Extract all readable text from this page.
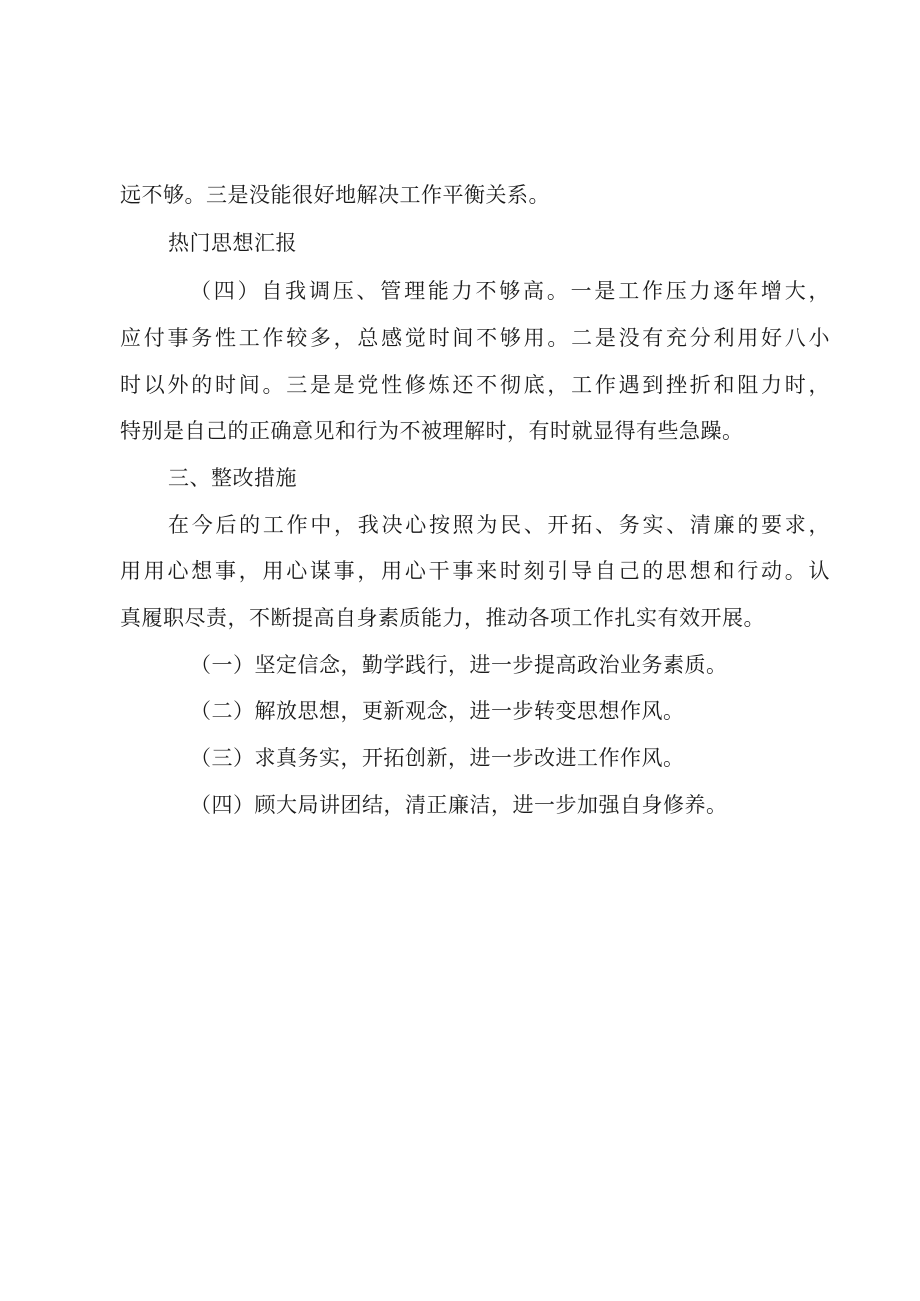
远不够。三是没能很好地解决工作平衡关系。
热门思想汇报
（四）自我调压、管理能力不够高。一是工作压力逐年增大，
应付事务性工作较多，总感觉时间不够用。二是没有充分利用好八小
时以外的时间。三是是党性修炼还不彻底，工作遇到挫折和阻力时，
特别是自己的正确意见和行为不被理解时，有时就显得有些急躁。
三、整改措施
在今后的工作中，我决心按照为民、开拓、务实、清廉的要求，
用用心想事，用心谋事，用心干事来时刻引导自己的思想和行动。认
真履职尽责，不断提高自身素质能力，推动各项工作扎实有效开展。
（一）坚定信念，勤学践行，进一步提高政治业务素质。
（二）解放思想，更新观念，进一步转变思想作风。
（三）求真务实，开拓创新，进一步改进工作作风。
（四）顾大局讲团结，清正廉洁，进一步加强自身修养。
